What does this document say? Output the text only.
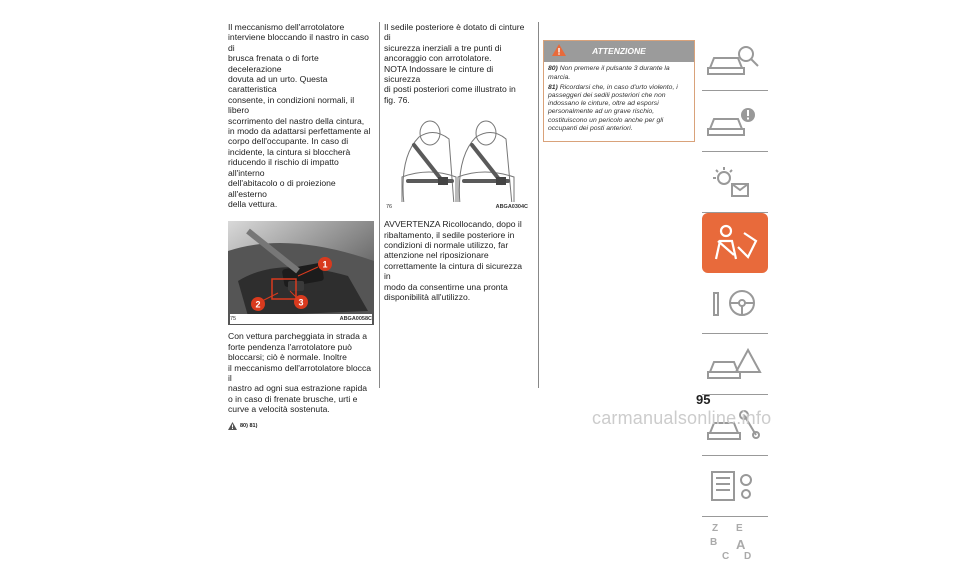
Il meccanismo dell'arrotolatore
interviene bloccando il nastro in caso di
brusca frenata o di forte decelerazione
dovuta ad un urto. Questa caratteristica
consente, in condizioni normali, il libero
scorrimento del nastro della cintura,
in modo da adattarsi perfettamente al
corpo dell'occupante. In caso di
incidente, la cintura si bloccherà
riducendo il rischio di impatto all'interno
dell'abitacolo o di proiezione all'esterno
della vettura.

1
2	3
75	ABGA0058C

Con vettura parcheggiata in strada a
forte pendenza l'arrotolatore può
bloccarsi; ciò è normale. Inoltre
il meccanismo dell'arrotolatore blocca il
nastro ad ogni sua estrazione rapida
o in caso di frenate brusche, urti e
curve a velocità sostenuta.

80) 81)

Il sedile posteriore è dotato di cinture di
sicurezza inerziali a tre punti di
ancoraggio con arrotolatore.
NOTA Indossare le cinture di sicurezza
di posti posteriori come illustrato in
fig. 76.

76	ABGA0304C

AVVERTENZA Ricollocando, dopo il
ribaltamento, il sedile posteriore in
condizioni di normale utilizzo, far
attenzione nel riposizionare
correttamente la cintura di sicurezza in
modo da consentirne una pronta
disponibilità all'utilizzo.

ATTENZIONE

80) Non premere il pulsante 3 durante la marcia.

81) Ricordarsi che, in caso d'urto violento, i passeggeri dei sedili posteriori che non indossano le cinture, oltre ad esporsi personalmente ad un grave rischio, costituiscono un pericolo anche per gli occupanti dei posti anteriori.

Z E
B A
C D
95
carmanualsonline.info
